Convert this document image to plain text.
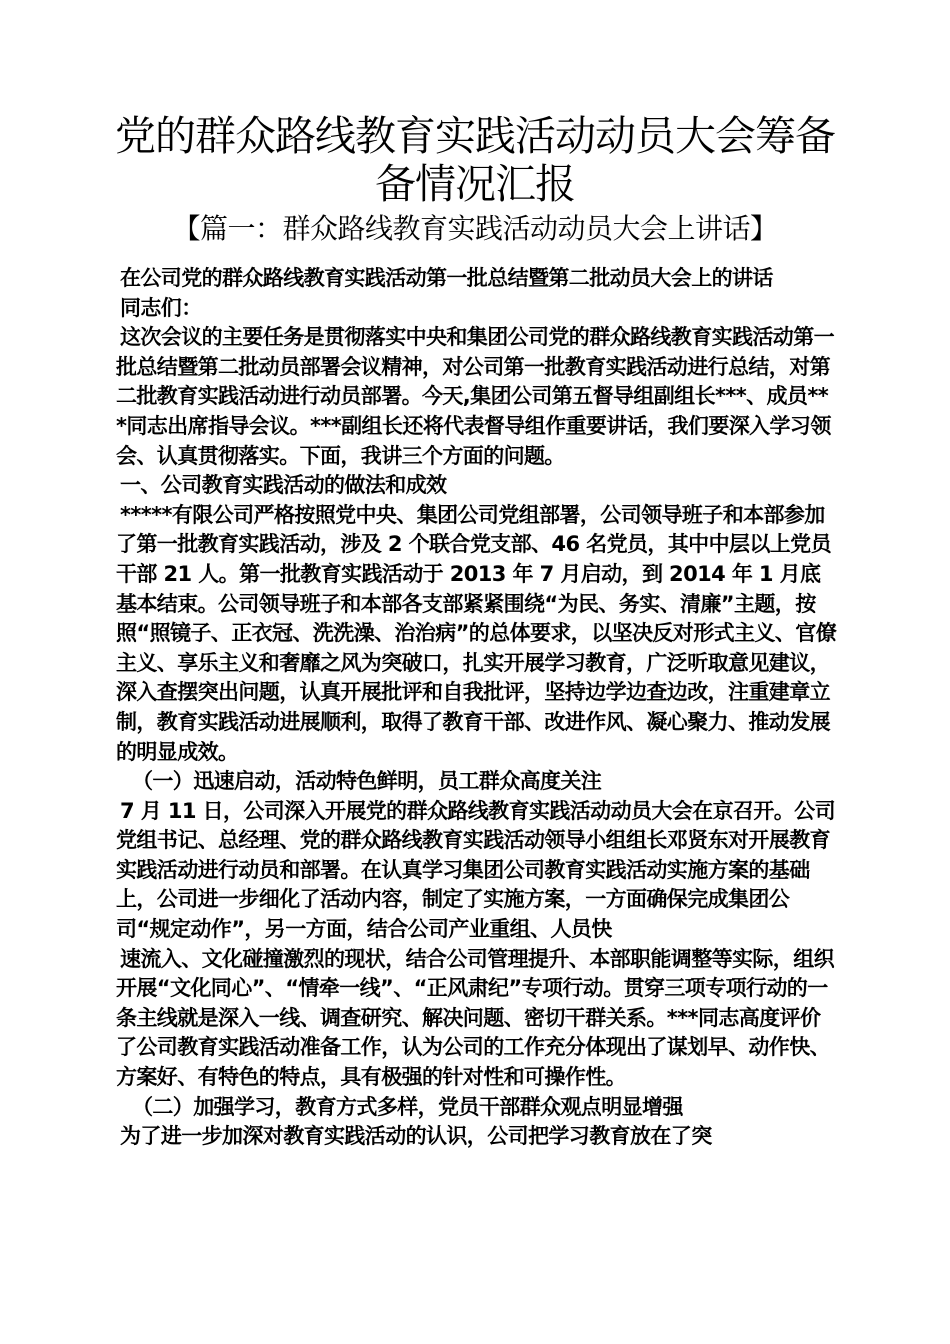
党的群众路线教育实践活动动员大会筹备备情况汇报
【篇一：群众路线教育实践活动动员大会上讲话】

在公司党的群众路线教育实践活动第一批总结暨第二批动员大会上的讲话

同志们：

这次会议的主要任务是贯彻落实中央和集团公司党的群众路线教育实践活动第一批总结暨第二批动员部署会议精神，对公司第一批教育实践活动进行总结，对第二批教育实践活动进行动员部署。今天,集团公司第五督导组副组长***、成员***同志出席指导会议。***副组长还将代表督导组作重要讲话，我们要深入学习领会、认真贯彻落实。下面，我讲三个方面的问题。

一、公司教育实践活动的做法和成效

*****有限公司严格按照党中央、集团公司党组部署，公司领导班子和本部参加了第一批教育实践活动，涉及 2 个联合党支部、46 名党员，其中中层以上党员干部 21 人。第一批教育实践活动于 2013 年 7 月启动，到 2014 年 1 月底基本结束。公司领导班子和本部各支部紧紧围绕“为民、务实、清廉”主题，按照“照镜子、正衣冠、洗洗澡、治治病”的总体要求，以坚决反对形式主义、官僚主义、享乐主义和奢靡之风为突破口，扎实开展学习教育，广泛听取意见建议，深入查摆突出问题，认真开展批评和自我批评，坚持边学边查边改，注重建章立制，教育实践活动进展顺利，取得了教育干部、改进作风、凝心聚力、推动发展的明显成效。

（一）迅速启动，活动特色鲜明，员工群众高度关注

7 月 11 日，公司深入开展党的群众路线教育实践活动动员大会在京召开。公司党组书记、总经理、党的群众路线教育实践活动领导小组组长邓贤东对开展教育实践活动进行动员和部署。在认真学习集团公司教育实践活动实施方案的基础上，公司进一步细化了活动内容，制定了实施方案，一方面确保完成集团公司“规定动作”，另一方面，结合公司产业重组、人员快

速流入、文化碰撞激烈的现状，结合公司管理提升、本部职能调整等实际，组织开展“文化同心”、“情牵一线”、“正风肃纪”专项行动。贯穿三项专项行动的一条主线就是深入一线、调查研究、解决问题、密切干群关系。***同志高度评价了公司教育实践活动准备工作，认为公司的工作充分体现出了谋划早、动作快、方案好、有特色的特点，具有极强的针对性和可操作性。

（二）加强学习，教育方式多样，党员干部群众观点明显增强

为了进一步加深对教育实践活动的认识，公司把学习教育放在了突
